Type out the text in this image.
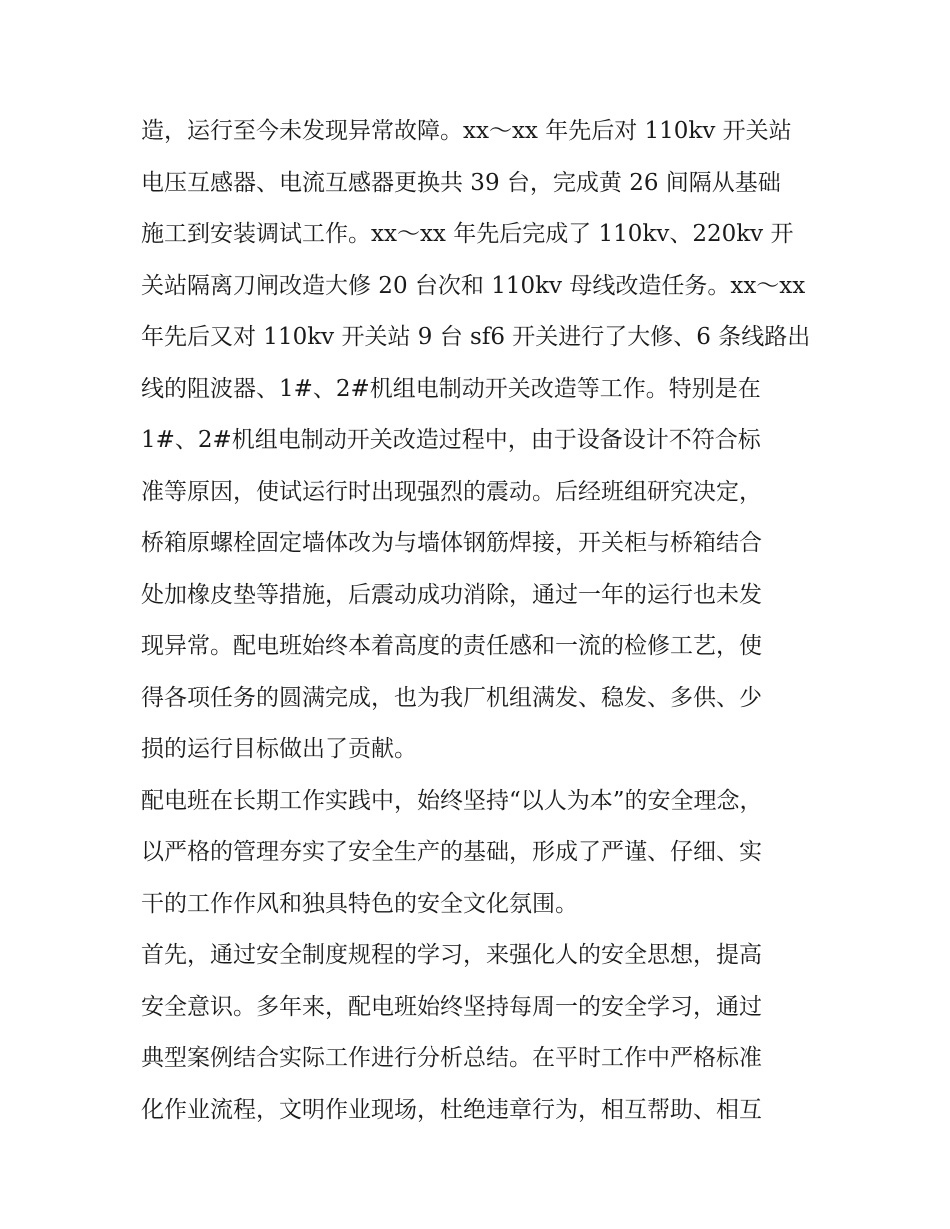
造，运行至今未发现异常故障。xx～xx 年先后对 110kv 开关站
电压互感器、电流互感器更换共 39 台，完成黄 26 间隔从基础
施工到安装调试工作。xx～xx 年先后完成了 110kv、220kv 开
关站隔离刀闸改造大修 20 台次和 110kv 母线改造任务。xx～xx
年先后又对 110kv 开关站 9 台 sf6 开关进行了大修、6 条线路出
线的阻波器、1#、2#机组电制动开关改造等工作。特别是在
1#、2#机组电制动开关改造过程中，由于设备设计不符合标
准等原因，使试运行时出现强烈的震动。后经班组研究决定，
桥箱原螺栓固定墙体改为与墙体钢筋焊接，开关柜与桥箱结合
处加橡皮垫等措施，后震动成功消除，通过一年的运行也未发
现异常。配电班始终本着高度的责任感和一流的检修工艺，使
得各项任务的圆满完成，也为我厂机组满发、稳发、多供、少
损的运行目标做出了贡献。
配电班在长期工作实践中，始终坚持“以人为本”的安全理念，
以严格的管理夯实了安全生产的基础，形成了严谨、仔细、实
干的工作作风和独具特色的安全文化氛围。
首先，通过安全制度规程的学习，来强化人的安全思想，提高
安全意识。多年来，配电班始终坚持每周一的安全学习，通过
典型案例结合实际工作进行分析总结。在平时工作中严格标准
化作业流程，文明作业现场，杜绝违章行为，相互帮助、相互
